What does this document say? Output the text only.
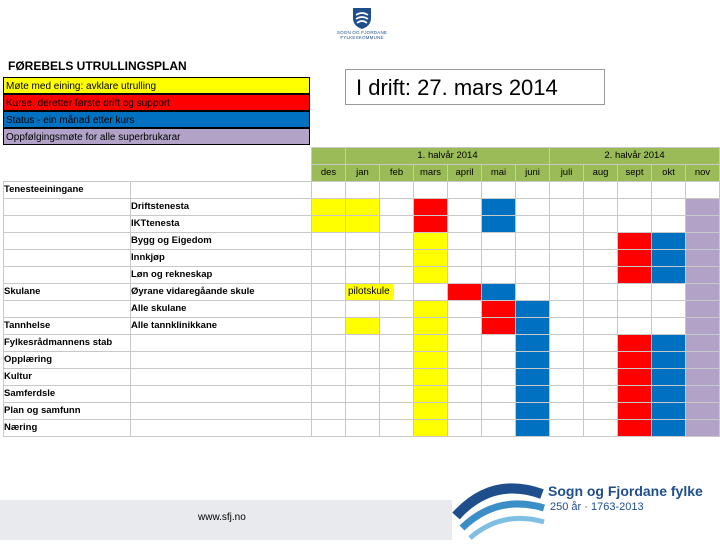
SOGN OG FJORDANE
FYLKESKOMMUNE
FØREBELS UTRULLINGSPLAN
Møte med eining: avklare utrulling
Kurse, deretter første drift og support
Status - ein månad etter kurs
Oppfølgingsmøte for alle superbrukarar
			1. halvår 2014						2. halvår 2014				
		des	jan	feb	mars	april	mai	juni	juli	aug	sept	okt	nov
Tenesteeiningane													
	Driftstenesta												
	IKTtenesta												
	Bygg og Eigedom												
	Innkjøp												
	Løn og rekneskap												
Skulane	Øyrane vidaregåande skule		pilotskule										

	Alle skulane												
Tannhelse	Alle tannklinikkane												
Fylkesrådmannens stab													
Opplæring													
Kultur													
Samferdsle													
Plan og samfunn													
Næring													
I drift: 27. mars 2014
www.sfj.no
Sogn og Fjordane fylke
250 år · 1763-2013
